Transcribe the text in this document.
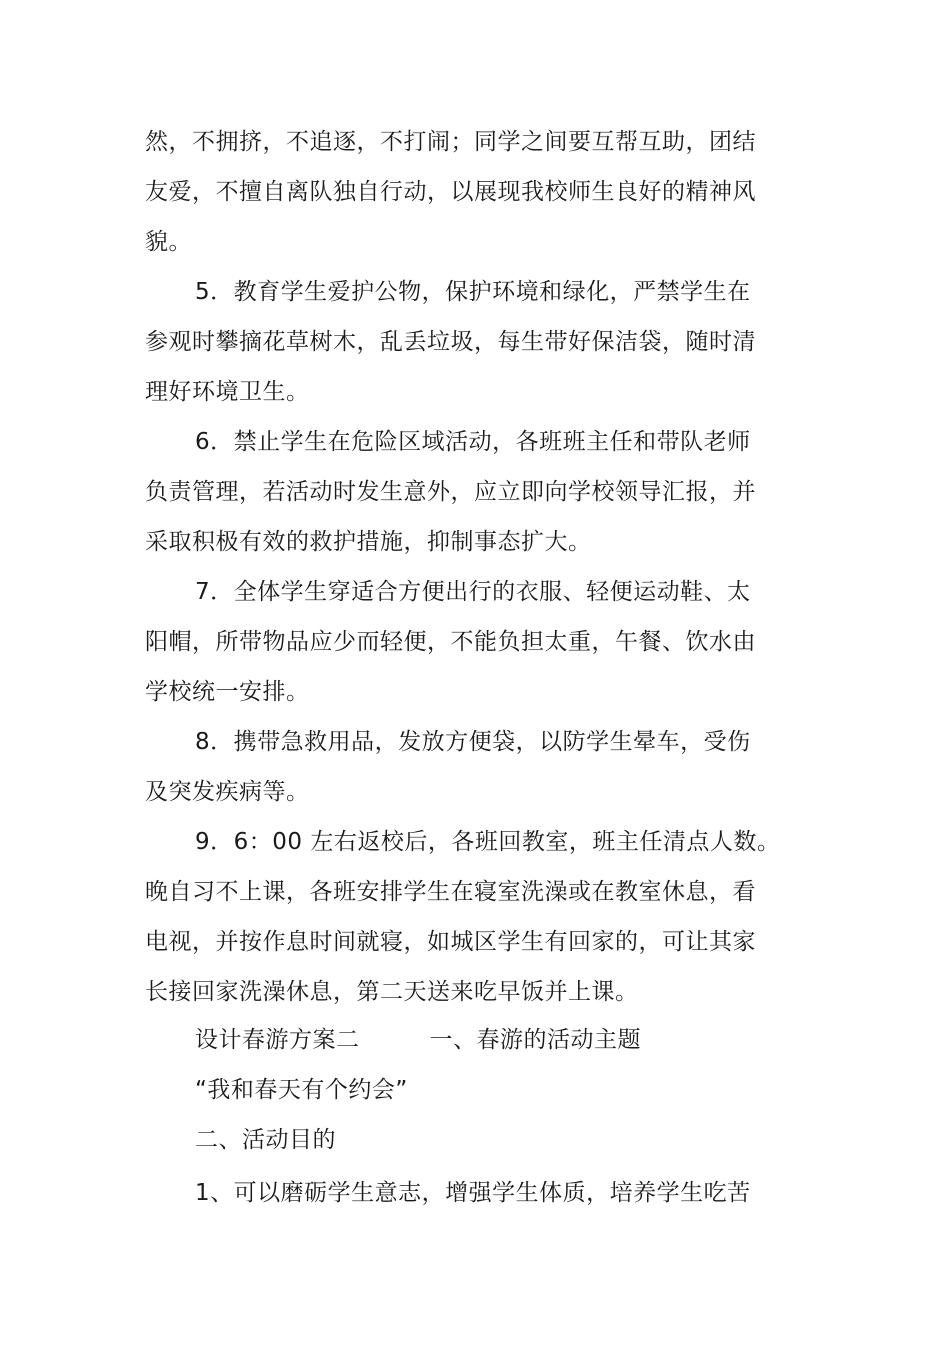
然，不拥挤，不追逐，不打闹；同学之间要互帮互助，团结
友爱，不擅自离队独自行动，以展现我校师生良好的精神风
貌。
5．教育学生爱护公物，保护环境和绿化，严禁学生在
参观时攀摘花草树木，乱丢垃圾，每生带好保洁袋，随时清
理好环境卫生。
6．禁止学生在危险区域活动，各班班主任和带队老师
负责管理，若活动时发生意外，应立即向学校领导汇报，并
采取积极有效的救护措施，抑制事态扩大。
7．全体学生穿适合方便出行的衣服、轻便运动鞋、太
阳帽，所带物品应少而轻便，不能负担太重，午餐、饮水由
学校统一安排。
8．携带急救用品，发放方便袋，以防学生晕车，受伤
及突发疾病等。
9．6：00 左右返校后，各班回教室，班主任清点人数。
晚自习不上课，各班安排学生在寝室洗澡或在教室休息，看
电视，并按作息时间就寝，如城区学生有回家的，可让其家
长接回家洗澡休息，第二天送来吃早饭并上课。
设计春游方案二	一、春游的活动主题
“我和春天有个约会”
二、活动目的
1、可以磨砺学生意志，增强学生体质，培养学生吃苦
